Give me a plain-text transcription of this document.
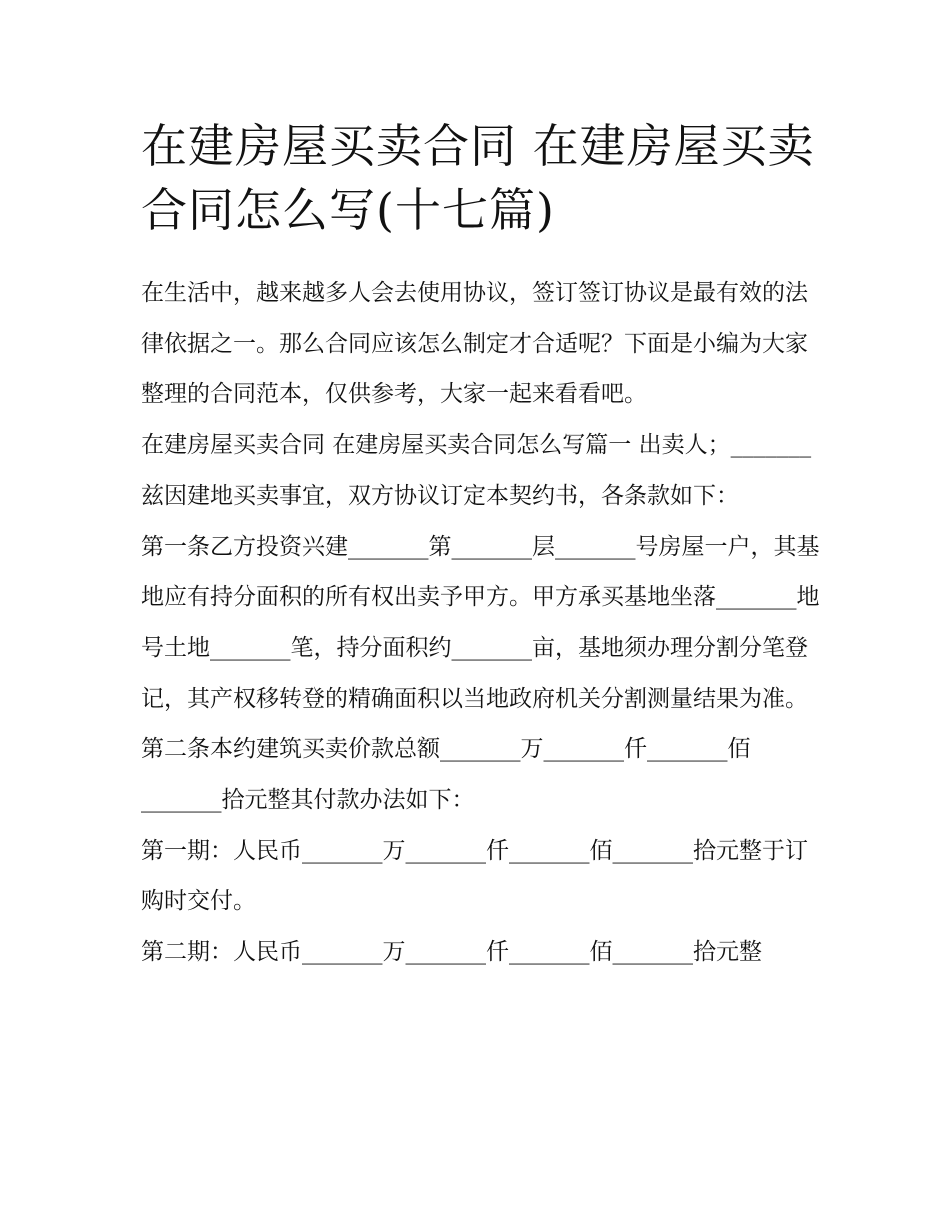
在建房屋买卖合同 在建房屋买卖合同怎么写(十七篇)

在生活中，越来越多人会去使用协议，签订签订协议是最有效的法律依据之一。那么合同应该怎么制定才合适呢？下面是小编为大家整理的合同范本，仅供参考，大家一起来看看吧。

在建房屋买卖合同 在建房屋买卖合同怎么写篇一 出卖人；_______ 兹因建地买卖事宜，双方协议订定本契约书，各条款如下：

第一条乙方投资兴建_______第_______层_______号房屋一户，其基地应有持分面积的所有权出卖予甲方。甲方承买基地坐落_______地号土地_______笔，持分面积约_______亩，基地须办理分割分笔登记，其产权移转登的精确面积以当地政府机关分割测量结果为准。

第二条本约建筑买卖价款总额_______万_______仟_______佰_______拾元整其付款办法如下：

第一期：人民币_______万_______仟_______佰_______拾元整于订购时交付。

第二期：人民币_______万_______仟_______佰_______拾元整
